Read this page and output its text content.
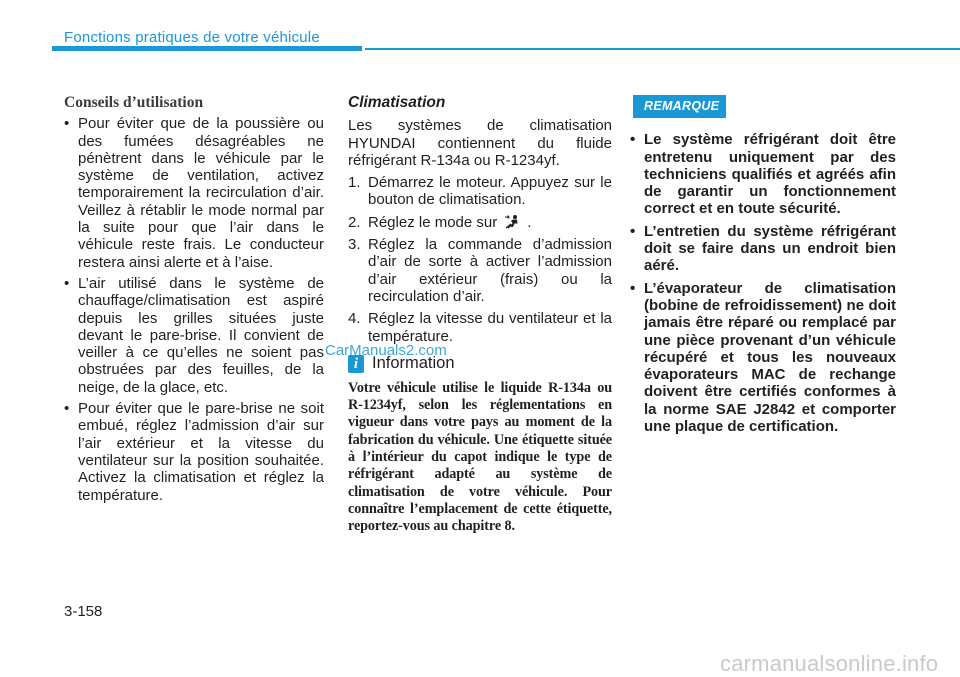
Fonctions pratiques de votre véhicule
Conseils d’utilisation
• Pour éviter que de la poussière ou des fumées désagréables ne pénètrent dans le véhicule par le système de ventilation, activez temporairement la recirculation d’air. Veillez à rétablir le mode normal par la suite pour que l’air dans le véhicule reste frais. Le conducteur restera ainsi alerte et à l’aise.
• L’air utilisé dans le système de chauffage/climatisation est aspiré depuis les grilles situées juste devant le pare-brise. Il convient de veiller à ce qu’elles ne soient pas obstruées par des feuilles, de la neige, de la glace, etc.
• Pour éviter que le pare-brise ne soit embué, réglez l’admission d’air sur l’air extérieur et la vitesse du ventilateur sur la position souhaitée. Activez la climatisation et réglez la température.
Climatisation

Les systèmes de climatisation HYUNDAI contiennent du fluide réfrigérant R-134a ou R-1234yf.

1. Démarrez le moteur. Appuyez sur le bouton de climatisation.
2. Réglez le mode sur .
3. Réglez la commande d’admission d’air de sorte à activer l’admission d’air extérieur (frais) ou la recirculation d’air.
4. Réglez la vitesse du ventilateur et la température.
i Information

Votre véhicule utilise le liquide R-134a ou R-1234yf, selon les réglementations en vigueur dans votre pays au moment de la fabrication du véhicule. Une étiquette située à l’intérieur du capot indique le type de réfrigérant adapté au système de climatisation de votre véhicule. Pour connaître l’emplacement de cette étiquette, reportez-vous au chapitre 8.

REMARQUE
• Le système réfrigérant doit être entretenu uniquement par des techniciens qualifiés et agréés afin de garantir un fonctionnement correct et en toute sécurité.
• L’entretien du système réfrigérant doit se faire dans un endroit bien aéré.
• L’évaporateur de climatisation (bobine de refroidissement) ne doit jamais être réparé ou remplacé par une pièce provenant d’un véhicule récupéré et tous les nouveaux évaporateurs MAC de rechange doivent être certifiés conformes à la norme SAE J2842 et comporter une plaque de certification.
CarManuals2.com
3-158
carmanualsonline.info
